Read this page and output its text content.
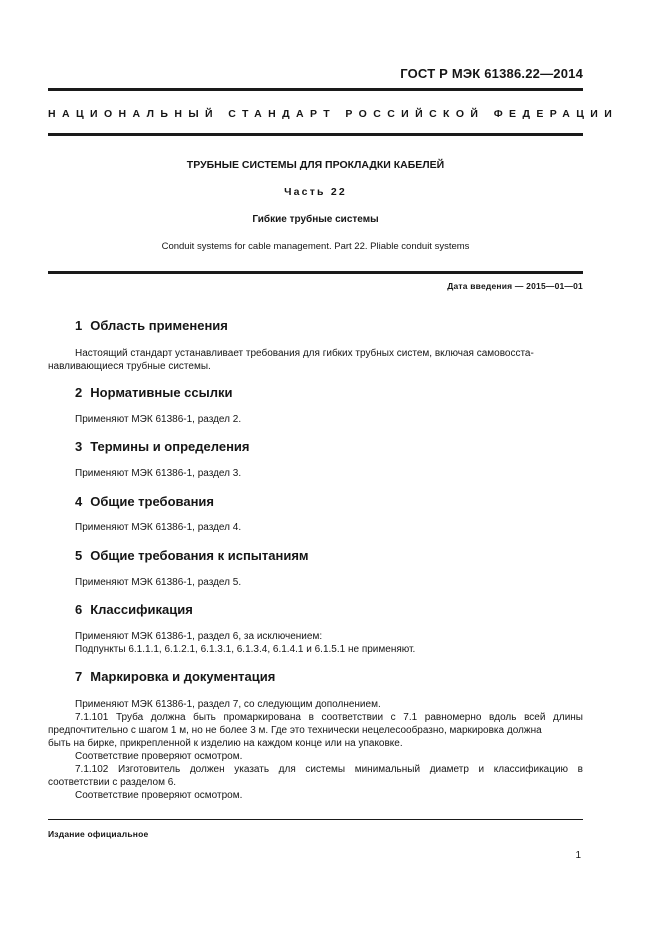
ГОСТ Р МЭК 61386.22—2014
НАЦИОНАЛЬНЫЙ СТАНДАРТ РОССИЙСКОЙ ФЕДЕРАЦИИ
ТРУБНЫЕ СИСТЕМЫ ДЛЯ ПРОКЛАДКИ КАБЕЛЕЙ
Часть 22
Гибкие трубные системы
Conduit systems for cable management. Part 22. Pliable conduit systems
Дата введения — 2015—01—01
1 Область применения
Настоящий стандарт устанавливает требования для гибких трубных систем, включая самовосста-
навливающиеся трубные системы.
2 Нормативные ссылки
Применяют МЭК 61386-1, раздел 2.
3 Термины и определения
Применяют МЭК 61386-1, раздел 3.
4 Общие требования
Применяют МЭК 61386-1, раздел 4.
5 Общие требования к испытаниям
Применяют МЭК 61386-1, раздел 5.
6 Классификация
Применяют МЭК 61386-1, раздел 6, за исключением:
Подпункты 6.1.1.1, 6.1.2.1, 6.1.3.1, 6.1.3.4, 6.1.4.1 и 6.1.5.1 не применяют.
7 Маркировка и документация
Применяют МЭК 61386-1, раздел 7, со следующим дополнением.
7.1.101 Труба должна быть промаркирована в соответствии с 7.1 равномерно вдоль всей длины
предпочтительно с шагом 1 м, но не более 3 м. Где это технически нецелесообразно, маркировка должна
быть на бирке, прикрепленной к изделию на каждом конце или на упаковке.
Соответствие проверяют осмотром.
7.1.102 Изготовитель должен указать для системы минимальный диаметр и классификацию в
соответствии с разделом 6.
Соответствие проверяют осмотром.
Издание официальное
1
